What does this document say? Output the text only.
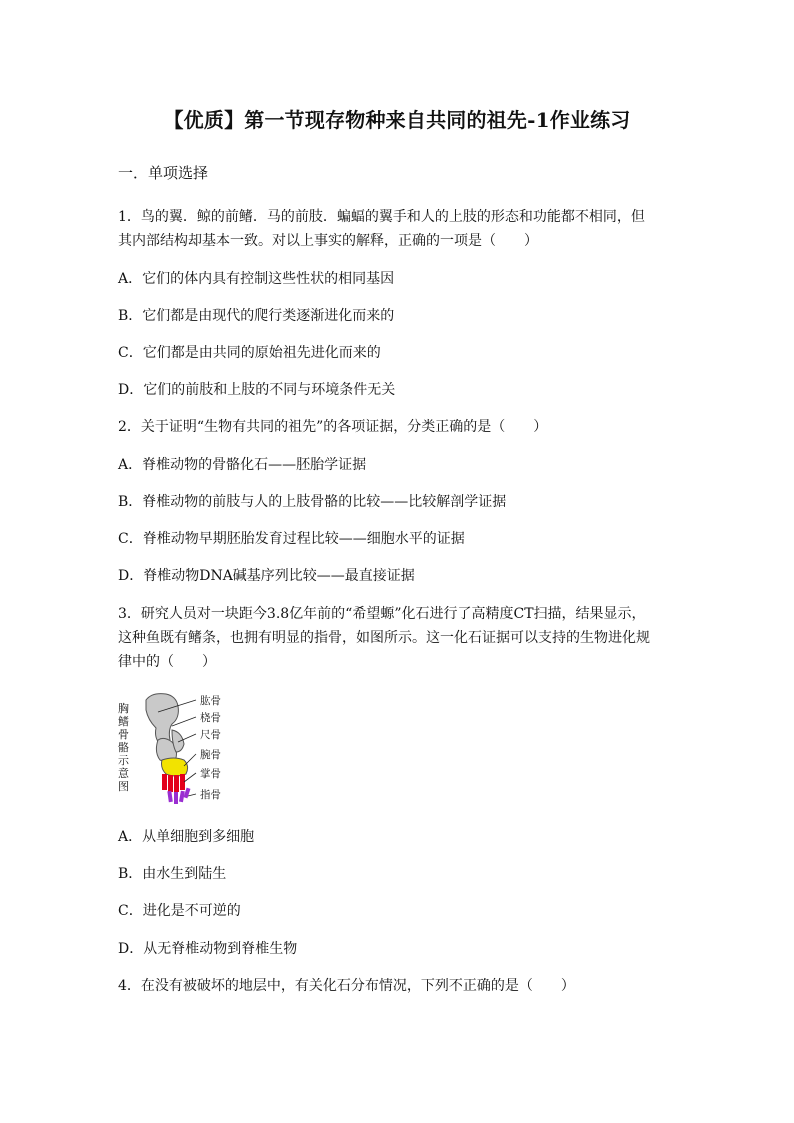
【优质】第一节现存物种来自共同的祖先-1作业练习
一．单项选择
1．鸟的翼．鲸的前鳍．马的前肢．蝙蝠的翼手和人的上肢的形态和功能都不相同，但
其内部结构却基本一致。对以上事实的解释，正确的一项是（　　）
A．它们的体内具有控制这些性状的相同基因
B．它们都是由现代的爬行类逐渐进化而来的
C．它们都是由共同的原始祖先进化而来的
D．它们的前肢和上肢的不同与环境条件无关
2．关于证明“生物有共同的祖先”的各项证据，分类正确的是（　　）
A．脊椎动物的骨骼化石——胚胎学证据
B．脊椎动物的前肢与人的上肢骨骼的比较——比较解剖学证据
C．脊椎动物早期胚胎发育过程比较——细胞水平的证据
D．脊椎动物DNA碱基序列比较——最直接证据
3．研究人员对一块距今3.8亿年前的“希望螈”化石进行了高精度CT扫描，结果显示，
这种鱼既有鳍条，也拥有明显的指骨，如图所示。这一化石证据可以支持的生物进化规
律中的（　　）
胸鳍骨骼示意图
肱骨
桡骨
尺骨
腕骨
掌骨
指骨
A．从单细胞到多细胞
B．由水生到陆生
C．进化是不可逆的
D．从无脊椎动物到脊椎生物
4．在没有被破坏的地层中，有关化石分布情况，下列不正确的是（　　）
